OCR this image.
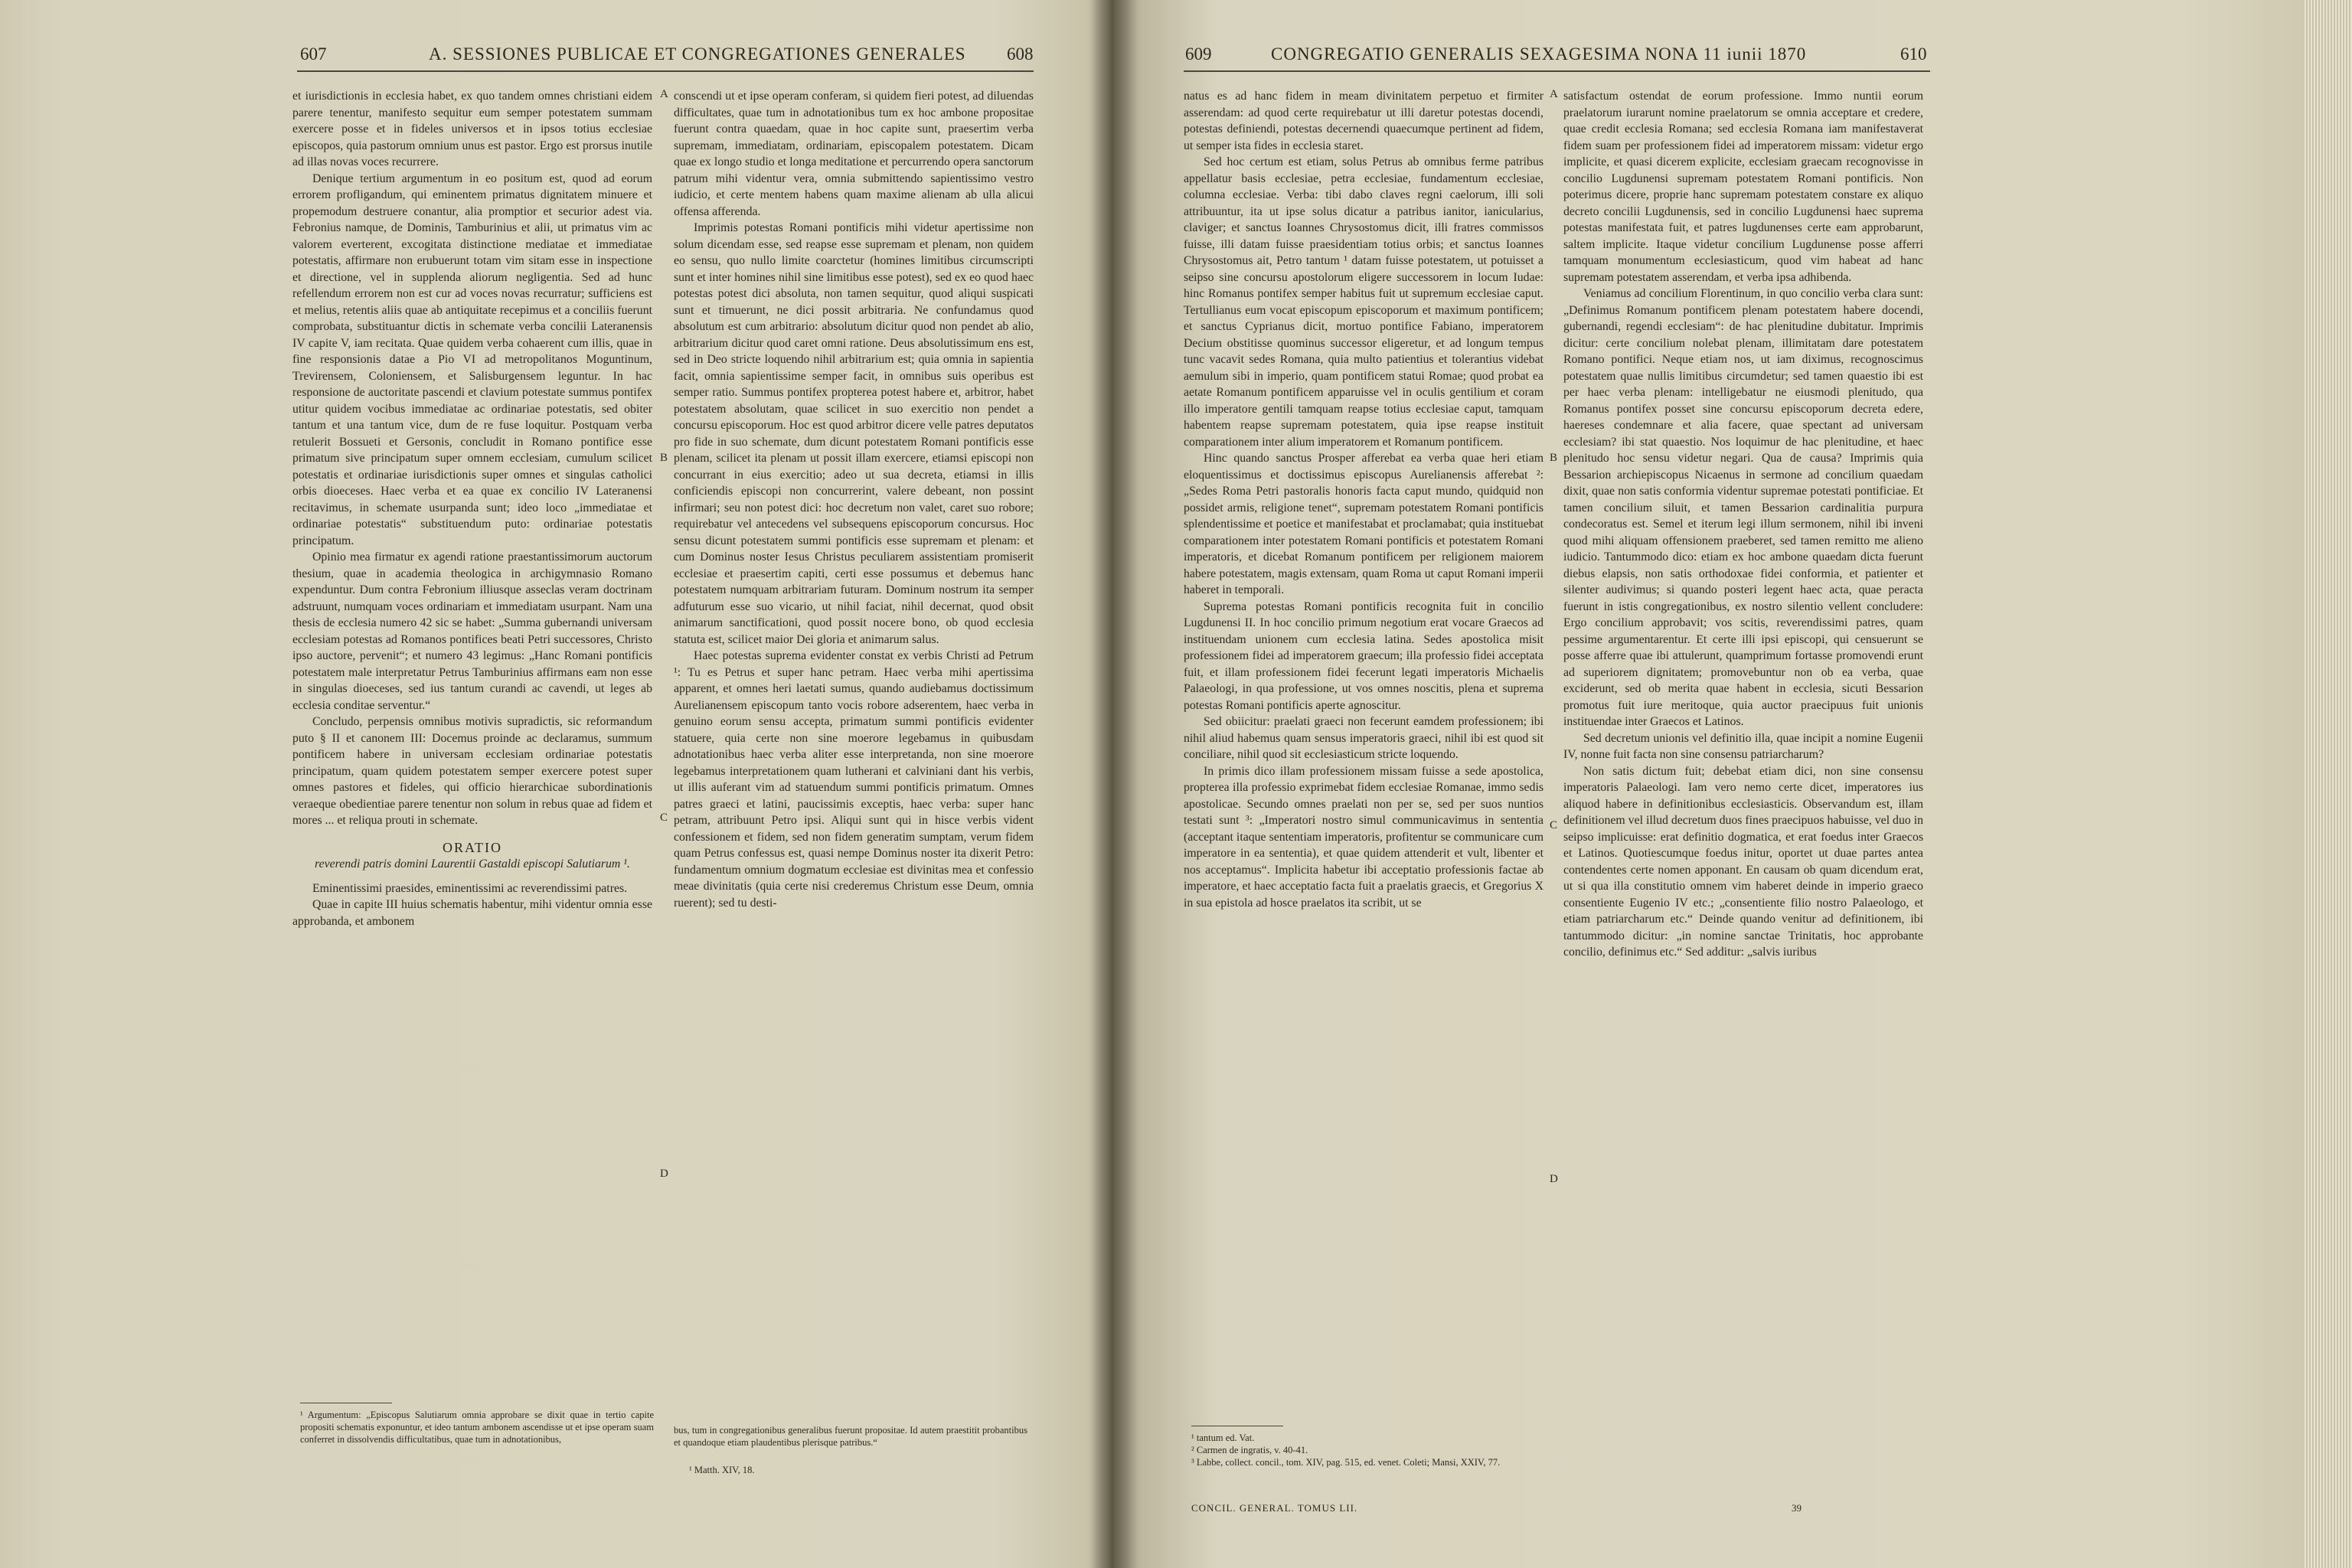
607	A. SESSIONES PUBLICAE ET CONGREGATIONES GENERALES 608

et iurisdictionis in ecclesia habet, ex quo tandem omnes christiani eidem parere tenentur, manifesto sequitur eum semper potestatem summam exercere posse et in fideles universos et in ipsos totius ecclesiae episcopos, quia pastorum omnium unus est pastor. Ergo est prorsus inutile ad illas novas voces recurrere.

Denique tertium argumentum in eo positum est, quod ad eorum errorem profligandum, qui eminentem primatus dignitatem minuere et propemodum destruere conantur, alia promptior et securior adest via. Febronius namque, de Dominis, Tamburinius et alii, ut primatus vim ac valorem everterent, excogitata distinctione mediatae et immediatae potestatis, affirmare non erubuerunt totam vim sitam esse in inspectione et directione, vel in supplenda aliorum negligentia. Sed ad hunc refellendum errorem non est cur ad voces novas recurratur; sufficiens est et melius, retentis aliis quae ab antiquitate recepimus et a conciliis fuerunt comprobata, substituantur dictis in schemate verba concilii Lateranensis IV capite V, iam recitata. Quae quidem verba cohaerent cum illis, quae in fine responsionis datae a Pio VI ad metropolitanos Moguntinum, Trevirensem, Coloniensem, et Salisburgensem leguntur. In hac responsione de auctoritate pascendi et clavium potestate summus pontifex utitur quidem vocibus immediatae ac ordinariae potestatis, sed obiter tantum et una tantum vice, dum de re fuse loquitur. Postquam verba retulerit Bossueti et Gersonis, concludit in Romano pontifice esse primatum sive principatum super omnem ecclesiam, cumulum scilicet potestatis et ordinariae iurisdictionis super omnes et singulas catholici orbis dioeceses. Haec verba et ea quae ex concilio IV Lateranensi recitavimus, in schemate usurpanda sunt; ideo loco „immediatae et ordinariae potestatis“ substituendum puto: ordinariae potestatis principatum.

Opinio mea firmatur ex agendi ratione praestantissimorum auctorum thesium, quae in academia theologica in archigymnasio Romano expenduntur. Dum contra Febronium illiusque asseclas veram doctrinam adstruunt, numquam voces ordinariam et immediatam usurpant. Nam una thesis de ecclesia numero 42 sic se habet: „Summa gubernandi universam ecclesiam potestas ad Romanos pontifices beati Petri successores, Christo ipso auctore, pervenit“; et numero 43 legimus: „Hanc Romani pontificis potestatem male interpretatur Petrus Tamburinius affirmans eam non esse in singulas dioeceses, sed ius tantum curandi ac cavendi, ut leges ab ecclesia conditae serventur.“

Concludo, perpensis omnibus motivis supradictis, sic reformandum puto § II et canonem III: Docemus proinde ac declaramus, summum pontificem habere in universam ecclesiam ordinariae potestatis principatum, quam quidem potestatem semper exercere potest super omnes pastores et fideles, qui officio hierarchicae subordinationis veraeque obedientiae parere tenentur non solum in rebus quae ad fidem et mores ... et reliqua prouti in schemate.

ORATIO

reverendi patris domini Laurentii Gastaldi episcopi Salutiarum ¹.

Eminentissimi praesides, eminentissimi ac reverendissimi patres.

Quae in capite III huius schematis habentur, mihi videntur omnia esse approbanda, et ambonem

¹ Argumentum: „Episcopus Salutiarum omnia approbare se dixit quae in tertio capite propositi schematis exponuntur, et ideo tantum ambonem ascendisse ut et ipse operam suam conferret in dissolvendis difficultatibus, quae tum in adnotationibus,
A
B
C
D

conscendi ut et ipse operam conferam, si quidem fieri potest, ad diluendas difficultates, quae tum in adnotationibus tum ex hoc ambone propositae fuerunt contra quaedam, quae in hoc capite sunt, praesertim verba supremam, immediatam, ordinariam, episcopalem potestatem. Dicam quae ex longo studio et longa meditatione et percurrendo opera sanctorum patrum mihi videntur vera, omnia submittendo sapientissimo vestro iudicio, et certe mentem habens quam maxime alienam ab ulla alicui offensa afferenda.

Imprimis potestas Romani pontificis mihi videtur apertissime non solum dicendam esse, sed reapse esse supremam et plenam, non quidem eo sensu, quo nullo limite coarctetur (homines limitibus circumscripti sunt et inter homines nihil sine limitibus esse potest), sed ex eo quod haec potestas potest dici absoluta, non tamen sequitur, quod aliqui suspicati sunt et timuerunt, ne dici possit arbitraria. Ne confundamus quod absolutum est cum arbitrario: absolutum dicitur quod non pendet ab alio, arbitrarium dicitur quod caret omni ratione. Deus absolutissimum ens est, sed in Deo stricte loquendo nihil arbitrarium est; quia omnia in sapientia facit, omnia sapientissime semper facit, in omnibus suis operibus est semper ratio. Summus pontifex propterea potest habere et, arbitror, habet potestatem absolutam, quae scilicet in suo exercitio non pendet a concursu episcoporum. Hoc est quod arbitror dicere velle patres deputatos pro fide in suo schemate, dum dicunt potestatem Romani pontificis esse plenam, scilicet ita plenam ut possit illam exercere, etiamsi episcopi non concurrant in eius exercitio; adeo ut sua decreta, etiamsi in illis conficiendis episcopi non concurrerint, valere debeant, non possint infirmari; seu non potest dici: hoc decretum non valet, caret suo robore; requirebatur vel antecedens vel subsequens episcoporum concursus. Hoc sensu dicunt potestatem summi pontificis esse supremam et plenam: et cum Dominus noster Iesus Christus peculiarem assistentiam promiserit ecclesiae et praesertim capiti, certi esse possumus et debemus hanc potestatem numquam arbitrariam futuram. Dominum nostrum ita semper adfuturum esse suo vicario, ut nihil faciat, nihil decernat, quod obsit animarum sanctificationi, quod possit nocere bono, ob quod ecclesia statuta est, scilicet maior Dei gloria et animarum salus.

Haec potestas suprema evidenter constat ex verbis Christi ad Petrum ¹: Tu es Petrus et super hanc petram. Haec verba mihi apertissima apparent, et omnes heri laetati sumus, quando audiebamus doctissimum Aurelianensem episcopum tanto vocis robore adserentem, haec verba in genuino eorum sensu accepta, primatum summi pontificis evidenter statuere, quia certe non sine moerore legebamus in quibusdam adnotationibus haec verba aliter esse interpretanda, non sine moerore legebamus interpretationem quam lutherani et calviniani dant his verbis, ut illis auferant vim ad statuendum summi pontificis primatum. Omnes patres graeci et latini, paucissimis exceptis, haec verba: super hanc petram, attribuunt Petro ipsi. Aliqui sunt qui in hisce verbis vident confessionem et fidem, sed non fidem generatim sumptam, verum fidem quam Petrus confessus est, quasi nempe Dominus noster ita dixerit Petro: fundamentum omnium dogmatum ecclesiae est divinitas mea et confessio meae divinitatis (quia certe nisi crederemus Christum esse Deum, omnia ruerent); sed tu desti-

bus, tum in congregationibus generalibus fuerunt propositae. Id autem praestitit probantibus et quandoque etiam plaudentibus plerisque patribus.“
¹ Matth. XIV, 18.
609	CONGREGATIO GENERALIS SEXAGESIMA NONA 11 iunii 1870	610

natus es ad hanc fidem in meam divinitatem perpetuo et firmiter asserendam: ad quod certe requirebatur ut illi daretur potestas docendi, potestas definiendi, potestas decernendi quaecumque pertinent ad fidem, ut semper ista fides in ecclesia staret.

Sed hoc certum est etiam, solus Petrus ab omnibus ferme patribus appellatur basis ecclesiae, petra ecclesiae, fundamentum ecclesiae, columna ecclesiae. Verba: tibi dabo claves regni caelorum, illi soli attribuuntur, ita ut ipse solus dicatur a patribus ianitor, ianicularius, claviger; et sanctus Ioannes Chrysostomus dicit, illi fratres commissos fuisse, illi datam fuisse praesidentiam totius orbis; et sanctus Ioannes Chrysostomus ait, Petro tantum ¹ datam fuisse potestatem, ut potuisset a seipso sine concursu apostolorum eligere successorem in locum Iudae: hinc Romanus pontifex semper habitus fuit ut supremum ecclesiae caput. Tertullianus eum vocat episcopum episcoporum et maximum pontificem; et sanctus Cyprianus dicit, mortuo pontifice Fabiano, imperatorem Decium obstitisse quominus successor eligeretur, et ad longum tempus tunc vacavit sedes Romana, quia multo patientius et tolerantius videbat aemulum sibi in imperio, quam pontificem statui Romae; quod probat ea aetate Romanum pontificem apparuisse vel in oculis gentilium et coram illo imperatore gentili tamquam reapse totius ecclesiae caput, tamquam habentem reapse supremam potestatem, quia ipse reapse instituit comparationem inter alium imperatorem et Romanum pontificem.

Hinc quando sanctus Prosper afferebat ea verba quae heri etiam eloquentissimus et doctissimus episcopus Aurelianensis afferebat ²: „Sedes Roma Petri pastoralis honoris facta caput mundo, quidquid non possidet armis, religione tenet“, supremam potestatem Romani pontificis splendentissime et poetice et manifestabat et proclamabat; quia instituebat comparationem inter potestatem Romani pontificis et potestatem Romani imperatoris, et dicebat Romanum pontificem per religionem maiorem habere potestatem, magis extensam, quam Roma ut caput Romani imperii haberet in temporali.

Suprema potestas Romani pontificis recognita fuit in concilio Lugdunensi II. In hoc concilio primum negotium erat vocare Graecos ad instituendam unionem cum ecclesia latina. Sedes apostolica misit professionem fidei ad imperatorem graecum; illa professio fidei acceptata fuit, et illam professionem fidei fecerunt legati imperatoris Michaelis Palaeologi, in qua professione, ut vos omnes noscitis, plena et suprema potestas Romani pontificis aperte agnoscitur.

Sed obiicitur: praelati graeci non fecerunt eamdem professionem; ibi nihil aliud habemus quam sensus imperatoris graeci, nihil ibi est quod sit conciliare, nihil quod sit ecclesiasticum stricte loquendo.

In primis dico illam professionem missam fuisse a sede apostolica, propterea illa professio exprimebat fidem ecclesiae Romanae, immo sedis apostolicae. Secundo omnes praelati non per se, sed per suos nuntios testati sunt ³: „Imperatori nostro simul communicavimus in sententia (acceptant itaque sententiam imperatoris, profitentur se communicare cum imperatore in ea sententia), et quae quidem attenderit et vult, libenter et nos acceptamus“. Implicita habetur ibi acceptatio professionis factae ab imperatore, et haec acceptatio facta fuit a praelatis graecis, et Gregorius X in sua epistola ad hosce praelatos ita scribit, ut se

¹ tantum ed. Vat.
² Carmen de ingratis, v. 40-41.
³ Labbe, collect. concil., tom. XIV, pag. 515, ed. venet. Coleti; Mansi, XXIV, 77.
CONCIL. GENERAL. TOMUS LII.	39
A
B
C
D

satisfactum ostendat de eorum professione. Immo nuntii eorum praelatorum iurarunt nomine praelatorum se omnia acceptare et credere, quae credit ecclesia Romana; sed ecclesia Romana iam manifestaverat fidem suam per professionem fidei ad imperatorem missam: videtur ergo implicite, et quasi dicerem explicite, ecclesiam graecam recognovisse in concilio Lugdunensi supremam potestatem Romani pontificis. Non poterimus dicere, proprie hanc supremam potestatem constare ex aliquo decreto concilii Lugdunensis, sed in concilio Lugdunensi haec suprema potestas manifestata fuit, et patres lugdunenses certe eam approbarunt, saltem implicite. Itaque videtur concilium Lugdunense posse afferri tamquam monumentum ecclesiasticum, quod vim habeat ad hanc supremam potestatem asserendam, et verba ipsa adhibenda.

Veniamus ad concilium Florentinum, in quo concilio verba clara sunt: „Definimus Romanum pontificem plenam potestatem habere docendi, gubernandi, regendi ecclesiam“: de hac plenitudine dubitatur. Imprimis dicitur: certe concilium nolebat plenam, illimitatam dare potestatem Romano pontifici. Neque etiam nos, ut iam diximus, recognoscimus potestatem quae nullis limitibus circumdetur; sed tamen quaestio ibi est per haec verba plenam: intelligebatur ne eiusmodi plenitudo, qua Romanus pontifex posset sine concursu episcoporum decreta edere, haereses condemnare et alia facere, quae spectant ad universam ecclesiam? ibi stat quaestio. Nos loquimur de hac plenitudine, et haec plenitudo hoc sensu videtur negari. Qua de causa? Imprimis quia Bessarion archiepiscopus Nicaenus in sermone ad concilium quaedam dixit, quae non satis conformia videntur supremae potestati pontificiae. Et tamen concilium siluit, et tamen Bessarion cardinalitia purpura condecoratus est. Semel et iterum legi illum sermonem, nihil ibi inveni quod mihi aliquam offensionem praeberet, sed tamen remitto me alieno iudicio. Tantummodo dico: etiam ex hoc ambone quaedam dicta fuerunt diebus elapsis, non satis orthodoxae fidei conformia, et patienter et silenter audivimus; si quando posteri legent haec acta, quae peracta fuerunt in istis congregationibus, ex nostro silentio vellent concludere: Ergo concilium approbavit; vos scitis, reverendissimi patres, quam pessime argumentarentur. Et certe illi ipsi episcopi, qui censuerunt se posse afferre quae ibi attulerunt, quamprimum fortasse promovendi erunt ad superiorem dignitatem; promovebuntur non ob ea verba, quae exciderunt, sed ob merita quae habent in ecclesia, sicuti Bessarion promotus fuit iure meritoque, quia auctor praecipuus fuit unionis instituendae inter Graecos et Latinos.

Sed decretum unionis vel definitio illa, quae incipit a nomine Eugenii IV, nonne fuit facta non sine consensu patriarcharum?

Non satis dictum fuit; debebat etiam dici, non sine consensu imperatoris Palaeologi. Iam vero nemo certe dicet, imperatores ius aliquod habere in definitionibus ecclesiasticis. Observandum est, illam definitionem vel illud decretum duos fines praecipuos habuisse, vel duo in seipso implicuisse: erat definitio dogmatica, et erat foedus inter Graecos et Latinos. Quotiescumque foedus initur, oportet ut duae partes antea contendentes certe nomen apponant. En causam ob quam dicendum erat, ut si qua illa constitutio omnem vim haberet deinde in imperio graeco consentiente Eugenio IV etc.; „consentiente filio nostro Palaeologo, et etiam patriarcharum etc.“ Deinde quando venitur ad definitionem, ibi tantummodo dicitur: „in nomine sanctae Trinitatis, hoc approbante concilio, definimus etc.“ Sed additur: „salvis iuribus
